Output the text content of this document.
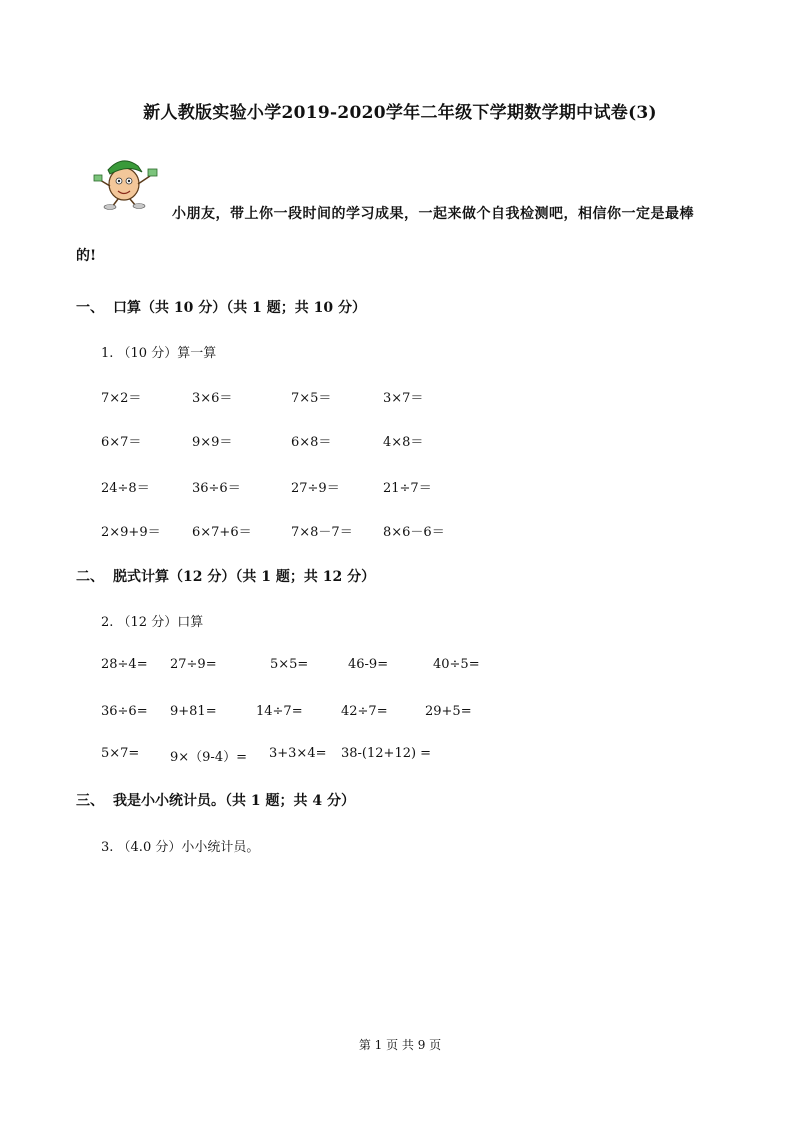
新人教版实验小学2019-2020学年二年级下学期数学期中试卷(3)
小朋友，带上你一段时间的学习成果，一起来做个自我检测吧，相信你一定是最棒
的!
一、 口算（共 10 分）（共 1 题；共 10 分）
1. （10 分）算一算
7×2＝	3×6＝	7×5＝	3×7＝
6×7＝	9×9＝	6×8＝	4×8＝
24÷8＝	36÷6＝	27÷9＝	21÷7＝
2×9+9＝ 6×7+6＝	7×8－7＝ 8×6－6＝
二、 脱式计算（12 分）（共 1 题；共 12 分）
2. （12 分）口算
28÷4= 27÷9=	5×5=	46-9=	40÷5=
36÷6= 9+81=	14÷7=	42÷7=	29+5=
5×7= 9×（9-4）= 3+3×4= 38-(12+12) =
三、 我是小小统计员。（共 1 题；共 4 分）
3. （4.0 分）小小统计员。
第 1 页 共 9 页
